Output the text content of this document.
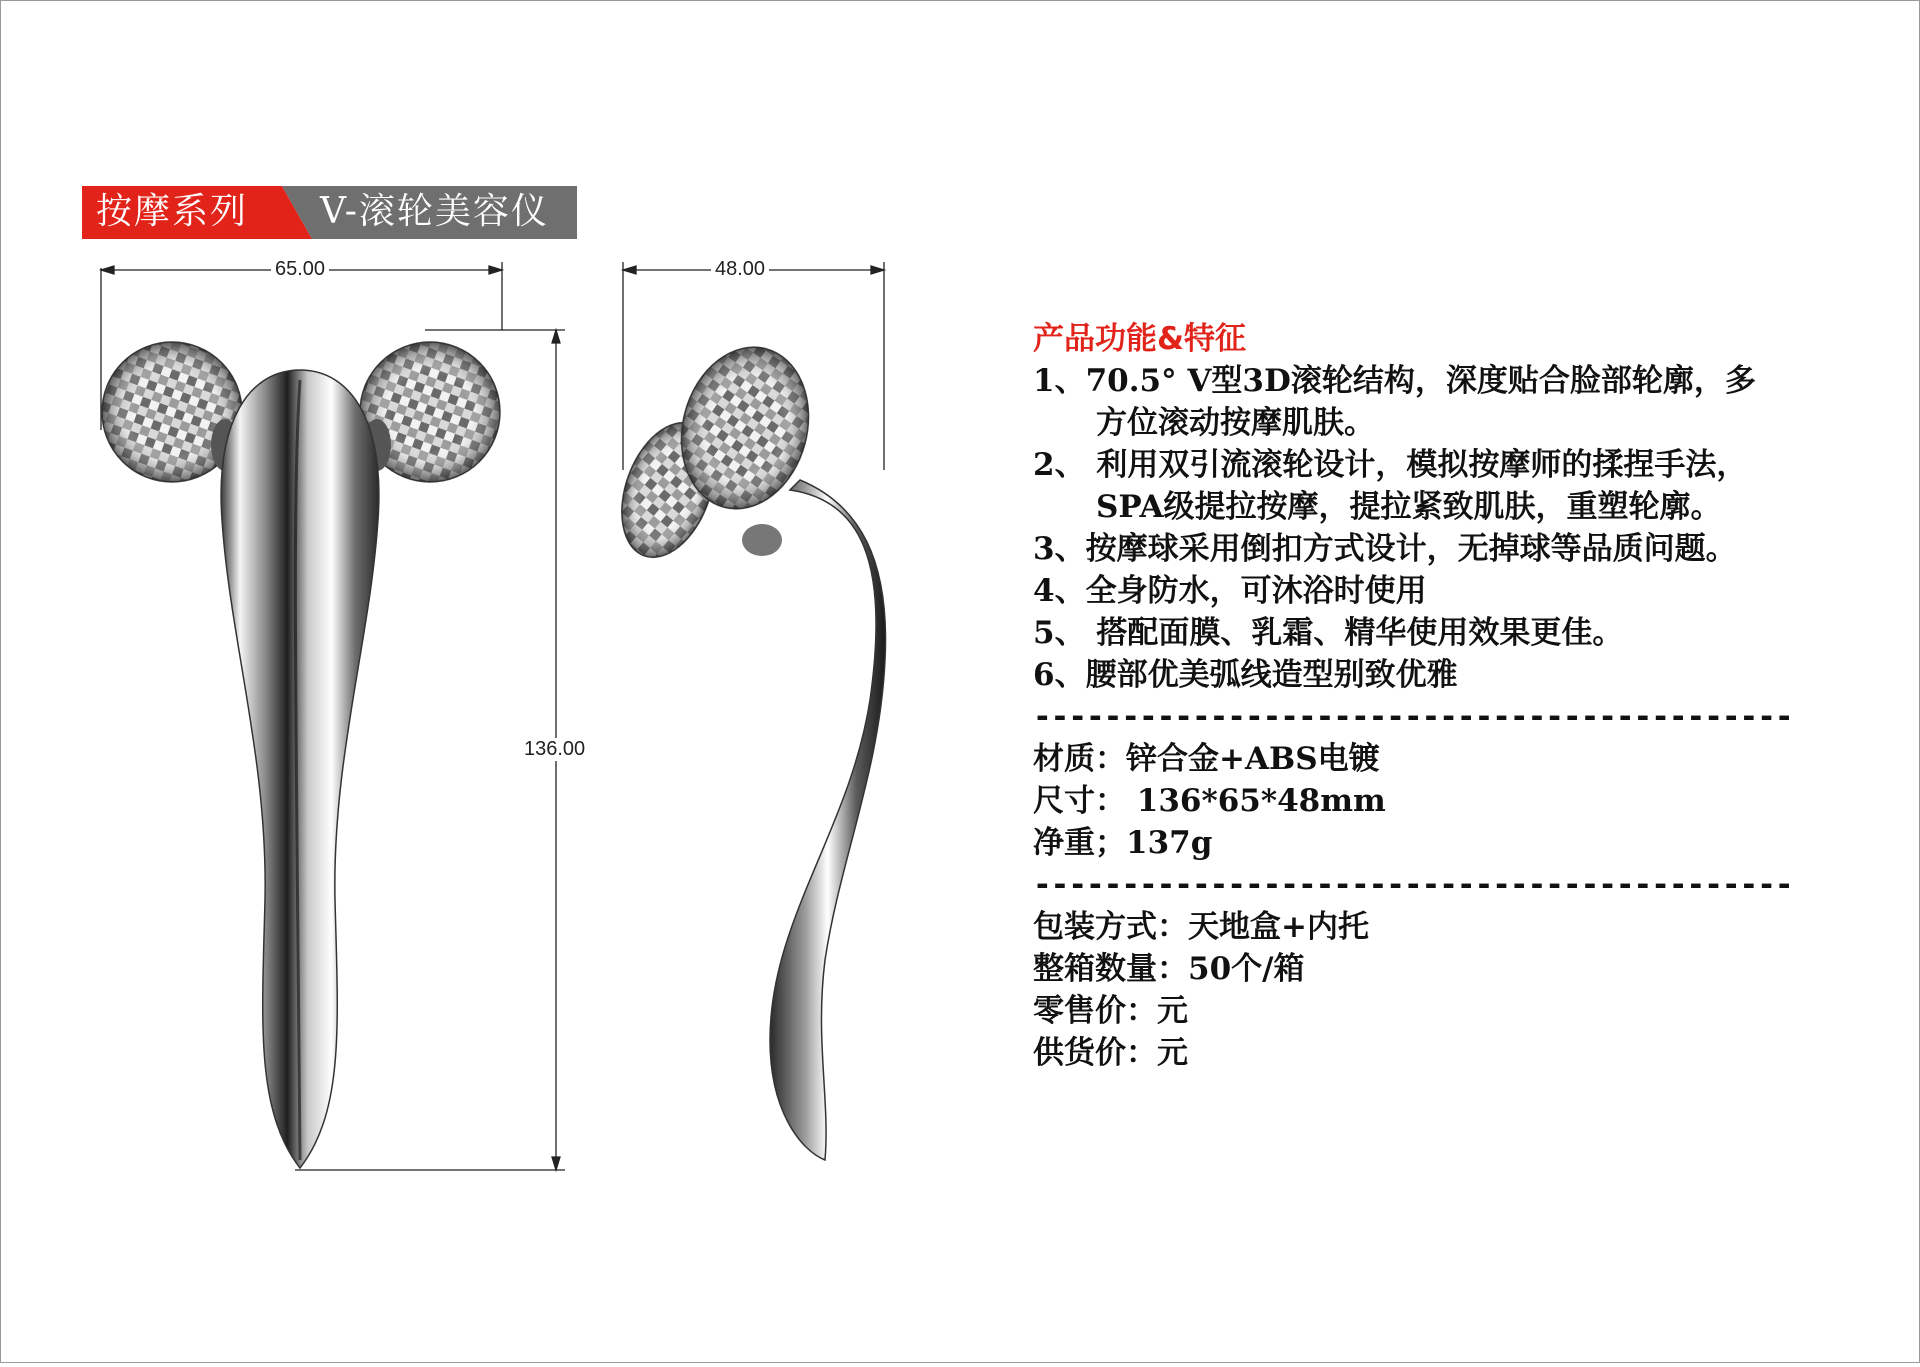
按摩系列 V-滚轮美容仪
65.00	48.00
136.00

产品功能&特征

1、70.5° V型3D滚轮结构，深度贴合脸部轮廓，多

方位滚动按摩肌肤。

2、 利用双引流滚轮设计，模拟按摩师的揉捏手法，

SPA级提拉按摩，提拉紧致肌肤，重塑轮廓。

3、按摩球采用倒扣方式设计，无掉球等品质问题。

4、全身防水，可沐浴时使用

5、 搭配面膜、乳霜、精华使用效果更佳。

6、腰部优美弧线造型别致优雅

-------------------------------------------

材质：锌合金+ABS电镀

尺寸： 136*65*48mm

净重；137g

-------------------------------------------

包装方式：天地盒+内托

整箱数量：50个/箱

零售价：元

供货价：元
